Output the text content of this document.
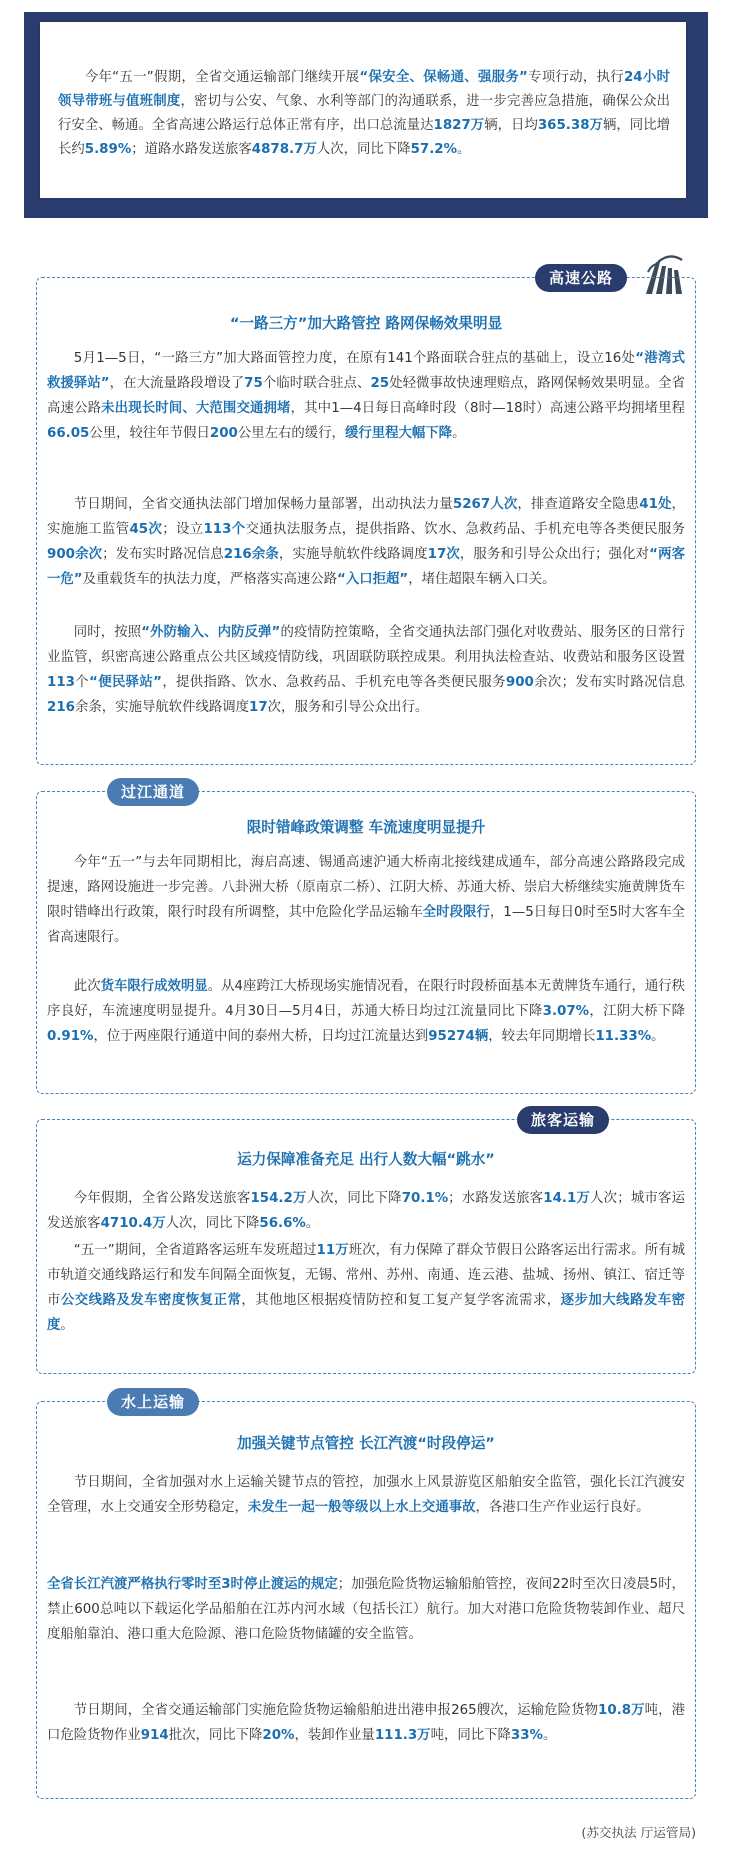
今年“五一”假期，全省交通运输部门继续开展“保安全、保畅通、强服务”专项行动，执行24小时领导带班与值班制度，密切与公安、气象、水利等部门的沟通联系，进一步完善应急措施，确保公众出行安全、畅通。全省高速公路运行总体正常有序，出口总流量达1827万辆，日均365.38万辆，同比增长约5.89%；道路水路发送旅客4878.7万人次，同比下降57.2%。

高速公路
“一路三方”加大路管控 路网保畅效果明显

5月1—5日，“一路三方”加大路面管控力度，在原有141个路面联合驻点的基础上，设立16处“港湾式救援驿站”，在大流量路段增设了75个临时联合驻点、25处轻微事故快速理赔点，路网保畅效果明显。全省高速公路未出现长时间、大范围交通拥堵，其中1—4日每日高峰时段（8时—18时）高速公路平均拥堵里程66.05公里，较往年节假日200公里左右的缓行，缓行里程大幅下降。

节日期间，全省交通执法部门增加保畅力量部署，出动执法力量5267人次，排查道路安全隐患41处，实施施工监管45次；设立113个交通执法服务点，提供指路、饮水、急救药品、手机充电等各类便民服务900余次；发布实时路况信息216余条，实施导航软件线路调度17次，服务和引导公众出行；强化对“两客一危”及重载货车的执法力度，严格落实高速公路“入口拒超”，堵住超限车辆入口关。

同时，按照“外防输入、内防反弹”的疫情防控策略，全省交通执法部门强化对收费站、服务区的日常行业监管，织密高速公路重点公共区域疫情防线，巩固联防联控成果。利用执法检查站、收费站和服务区设置113个“便民驿站”，提供指路、饮水、急救药品、手机充电等各类便民服务900余次；发布实时路况信息216余条，实施导航软件线路调度17次，服务和引导公众出行。

过江通道
限时错峰政策调整 车流速度明显提升

今年“五一”与去年同期相比，海启高速、锡通高速沪通大桥南北接线建成通车，部分高速公路路段完成提速，路网设施进一步完善。八卦洲大桥（原南京二桥）、江阴大桥、苏通大桥、崇启大桥继续实施黄牌货车限时错峰出行政策，限行时段有所调整，其中危险化学品运输车全时段限行，1—5日每日0时至5时大客车全省高速限行。

此次货车限行成效明显。从4座跨江大桥现场实施情况看，在限行时段桥面基本无黄牌货车通行，通行秩序良好，车流速度明显提升。4月30日—5月4日，苏通大桥日均过江流量同比下降3.07%，江阴大桥下降0.91%，位于两座限行通道中间的泰州大桥，日均过江流量达到95274辆，较去年同期增长11.33%。

旅客运输
运力保障准备充足 出行人数大幅“跳水”

今年假期，全省公路发送旅客154.2万人次，同比下降70.1%；水路发送旅客14.1万人次；城市客运发送旅客4710.4万人次，同比下降56.6%。

“五一”期间，全省道路客运班车发班超过11万班次，有力保障了群众节假日公路客运出行需求。所有城市轨道交通线路运行和发车间隔全面恢复，无锡、常州、苏州、南通、连云港、盐城、扬州、镇江、宿迁等市公交线路及发车密度恢复正常，其他地区根据疫情防控和复工复产复学客流需求，逐步加大线路发车密度。

水上运输
加强关键节点管控 长江汽渡“时段停运”

节日期间，全省加强对水上运输关键节点的管控，加强水上风景游览区船舶安全监管，强化长江汽渡安全管理，水上交通安全形势稳定，未发生一起一般等级以上水上交通事故，各港口生产作业运行良好。

全省长江汽渡严格执行零时至3时停止渡运的规定；加强危险货物运输船舶管控，夜间22时至次日凌晨5时，禁止600总吨以下载运化学品船舶在江苏内河水域（包括长江）航行。加大对港口危险货物装卸作业、超尺度船舶靠泊、港口重大危险源、港口危险货物储罐的安全监管。

节日期间，全省交通运输部门实施危险货物运输船舶进出港申报265艘次，运输危险货物10.8万吨，港口危险货物作业914批次，同比下降20%，装卸作业量111.3万吨，同比下降33%。

(苏交执法 厅运管局)
